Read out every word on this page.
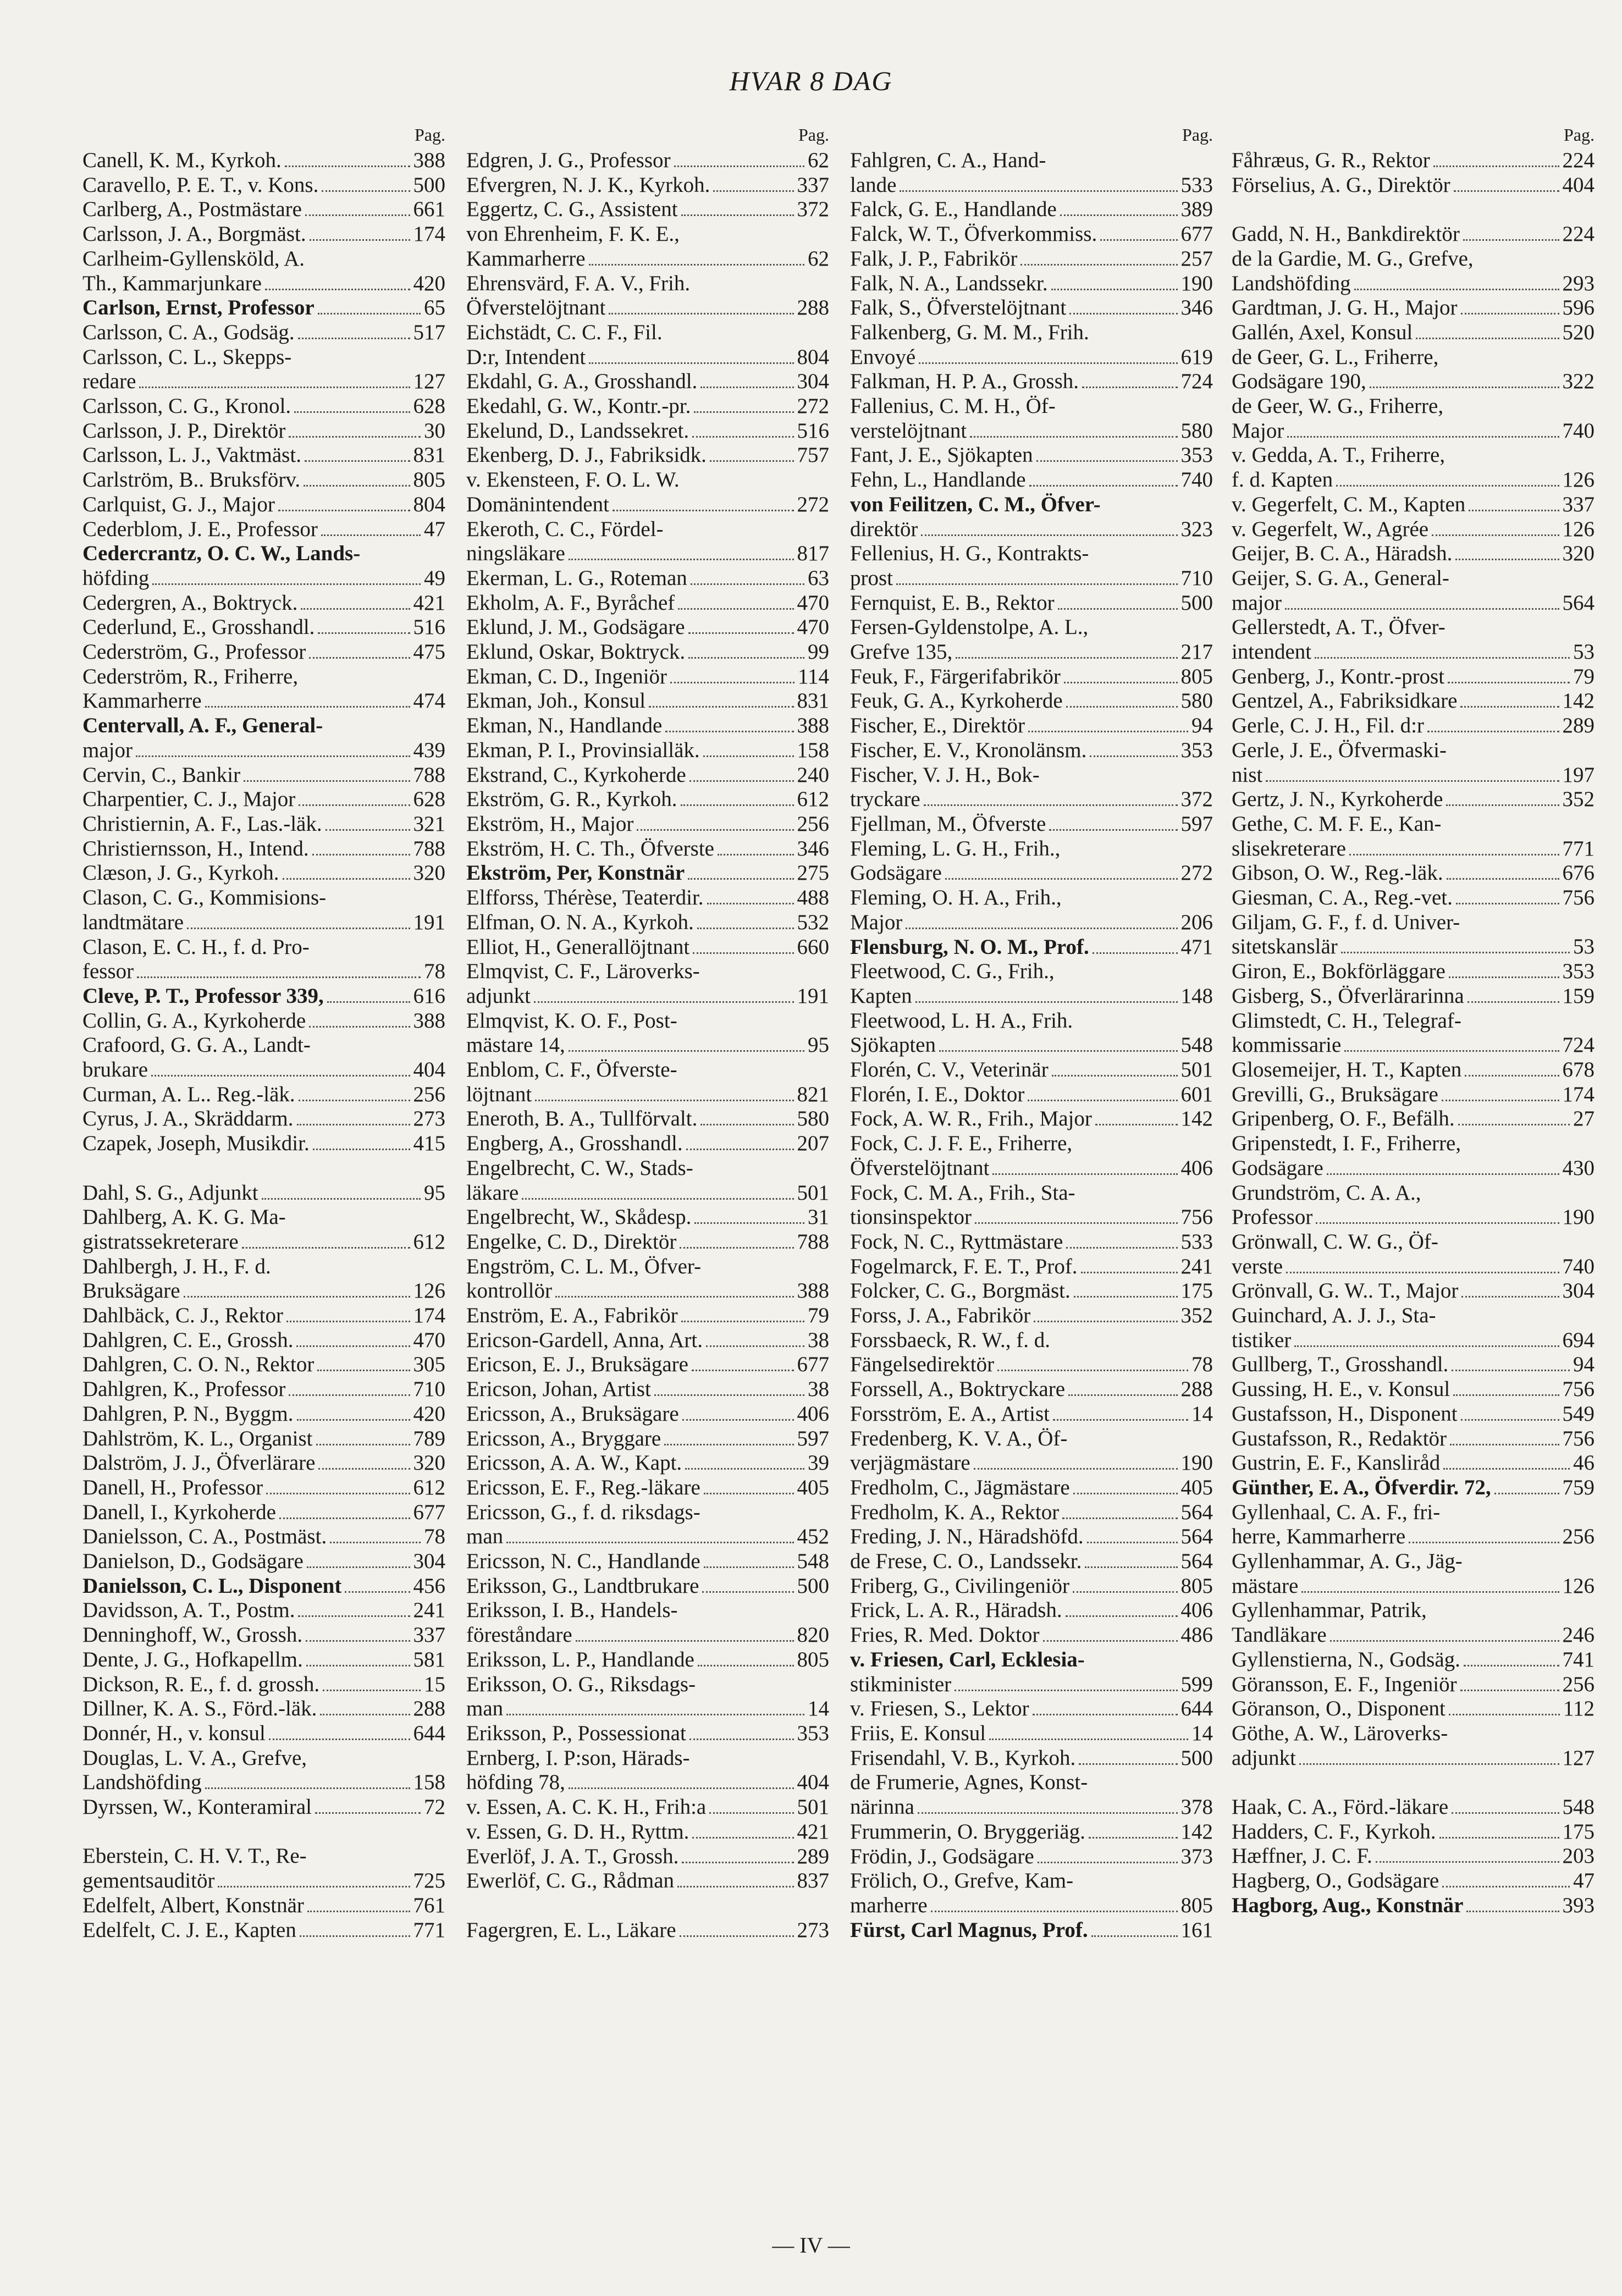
HVAR 8 DAG
Pag.
Canell, K. M., Kyrkoh.	388
Caravello, P. E. T., v. Kons.	500
Carlberg, A., Postmästare	661
Carlsson, J. A., Borgmäst.	174
Carlheim-Gyllensköld, A.
Th., Kammarjunkare	420
Carlson, Ernst, Professor	65
Carlsson, C. A., Godsäg.	517
Carlsson, C. L., Skepps-
redare	127
Carlsson, C. G., Kronol.	628
Carlsson, J. P., Direktör	30
Carlsson, L. J., Vaktmäst.	831
Carlström, B.. Bruksförv.	805
Carlquist, G. J., Major	804
Cederblom, J. E., Professor	47
Cedercrantz, O. C. W., Lands-
höfding	49
Cedergren, A., Boktryck.	421
Cederlund, E., Grosshandl.	516
Cederström, G., Professor	475
Cederström, R., Friherre,
Kammarherre	474
Centervall, A. F., General-
major	439
Cervin, C., Bankir	788
Charpentier, C. J., Major	628
Christiernin, A. F., Las.-läk.	321
Christiernsson, H., Intend.	788
Clæson, J. G., Kyrkoh.	320
Clason, C. G., Kommisions-
landtmätare	191
Clason, E. C. H., f. d. Pro-
fessor	78
Cleve, P. T., Professor 339,	616
Collin, G. A., Kyrkoherde	388
Crafoord, G. G. A., Landt-
brukare	404
Curman, A. L.. Reg.-läk.	256
Cyrus, J. A., Skräddarm.	273
Czapek, Joseph, Musikdir.	415
Dahl, S. G., Adjunkt	95
Dahlberg, A. K. G. Ma-
gistratssekreterare	612
Dahlbergh, J. H., F. d.
Bruksägare	126
Dahlbäck, C. J., Rektor	174
Dahlgren, C. E., Grossh.	470
Dahlgren, C. O. N., Rektor	305
Dahlgren, K., Professor	710
Dahlgren, P. N., Byggm.	420
Dahlström, K. L., Organist	789
Dalström, J. J., Öfverlärare	320
Danell, H., Professor	612
Danell, I., Kyrkoherde	677
Danielsson, C. A., Postmäst.	78
Danielson, D., Godsägare	304
Danielsson, C. L., Disponent	456
Davidsson, A. T., Postm.	241
Denninghoff, W., Grossh.	337
Dente, J. G., Hofkapellm.	581
Dickson, R. E., f. d. grossh.	15
Dillner, K. A. S., Förd.-läk.	288
Donnér, H., v. konsul	644
Douglas, L. V. A., Grefve,
Landshöfding	158
Dyrssen, W., Konteramiral	72
Eberstein, C. H. V. T., Re-
gementsauditör	725
Edelfelt, Albert, Konstnär	761
Edelfelt, C. J. E., Kapten	771
Pag.
Edgren, J. G., Professor	62
Efvergren, N. J. K., Kyrkoh.	337
Eggertz, C. G., Assistent	372
von Ehrenheim, F. K. E.,
Kammarherre	62
Ehrensvärd, F. A. V., Frih.
Öfverstelöjtnant	288
Eichstädt, C. C. F., Fil.
D:r, Intendent	804
Ekdahl, G. A., Grosshandl.	304
Ekedahl, G. W., Kontr.-pr.	272
Ekelund, D., Landssekret.	516
Ekenberg, D. J., Fabriksidk.	757
v. Ekensteen, F. O. L. W.
Domänintendent	272
Ekeroth, C. C., Fördel-
ningsläkare	817
Ekerman, L. G., Roteman	63
Ekholm, A. F., Byråchef	470
Eklund, J. M., Godsägare	470
Eklund, Oskar, Boktryck.	99
Ekman, C. D., Ingeniör	114
Ekman, Joh., Konsul	831
Ekman, N., Handlande	388
Ekman, P. I., Provinsialläk.	158
Ekstrand, C., Kyrkoherde	240
Ekström, G. R., Kyrkoh.	612
Ekström, H., Major	256
Ekström, H. C. Th., Öfverste	346
Ekström, Per, Konstnär	275
Elfforss, Thérèse, Teaterdir.	488
Elfman, O. N. A., Kyrkoh.	532
Elliot, H., Generallöjtnant	660
Elmqvist, C. F., Läroverks-
adjunkt	191
Elmqvist, K. O. F., Post-
mästare 14,	95
Enblom, C. F., Öfverste-
löjtnant	821
Eneroth, B. A., Tullförvalt.	580
Engberg, A., Grosshandl.	207
Engelbrecht, C. W., Stads-
läkare	501
Engelbrecht, W., Skådesp.	31
Engelke, C. D., Direktör	788
Engström, C. L. M., Öfver-
kontrollör	388
Enström, E. A., Fabrikör	79
Ericson-Gardell, Anna, Art.	38
Ericson, E. J., Bruksägare	677
Ericson, Johan, Artist	38
Ericsson, A., Bruksägare	406
Ericsson, A., Bryggare	597
Ericsson, A. A. W., Kapt.	39
Ericsson, E. F., Reg.-läkare	405
Ericsson, G., f. d. riksdags-
man	452
Ericsson, N. C., Handlande	548
Eriksson, G., Landtbrukare	500
Eriksson, I. B., Handels-
föreståndare	820
Eriksson, L. P., Handlande	805
Eriksson, O. G., Riksdags-
man	14
Eriksson, P., Possessionat	353
Ernberg, I. P:son, Härads-
höfding 78,	404
v. Essen, A. C. K. H., Frih:a	501
v. Essen, G. D. H., Ryttm.	421
Everlöf, J. A. T., Grossh.	289
Ewerlöf, C. G., Rådman	837
Fagergren, E. L., Läkare	273
Pag.
Fahlgren, C. A., Hand-
lande	533
Falck, G. E., Handlande	389
Falck, W. T., Öfverkommiss.	677
Falk, J. P., Fabrikör	257
Falk, N. A., Landssekr.	190
Falk, S., Öfverstelöjtnant	346
Falkenberg, G. M. M., Frih.
Envoyé	619
Falkman, H. P. A., Grossh.	724
Fallenius, C. M. H., Öf-
verstelöjtnant	580
Fant, J. E., Sjökapten	353
Fehn, L., Handlande	740
von Feilitzen, C. M., Öfver-
direktör	323
Fellenius, H. G., Kontrakts-
prost	710
Fernquist, E. B., Rektor	500
Fersen-Gyldenstolpe, A. L.,
Grefve 135,	217
Feuk, F., Färgerifabrikör	805
Feuk, G. A., Kyrkoherde	580
Fischer, E., Direktör	94
Fischer, E. V., Kronolänsm.	353
Fischer, V. J. H., Bok-
tryckare	372
Fjellman, M., Öfverste	597
Fleming, L. G. H., Frih.,
Godsägare	272
Fleming, O. H. A., Frih.,
Major	206
Flensburg, N. O. M., Prof.	471
Fleetwood, C. G., Frih.,
Kapten	148
Fleetwood, L. H. A., Frih.
Sjökapten	548
Florén, C. V., Veterinär	501
Florén, I. E., Doktor	601
Fock, A. W. R., Frih., Major	142
Fock, C. J. F. E., Friherre,
Öfverstelöjtnant	406
Fock, C. M. A., Frih., Sta-
tionsinspektor	756
Fock, N. C., Ryttmästare	533
Fogelmarck, F. E. T., Prof.	241
Folcker, C. G., Borgmäst.	175
Forss, J. A., Fabrikör	352
Forssbaeck, R. W., f. d.
Fängelsedirektör	78
Forssell, A., Boktryckare	288
Forsström, E. A., Artist	14
Fredenberg, K. V. A., Öf-
verjägmästare	190
Fredholm, C., Jägmästare	405
Fredholm, K. A., Rektor	564
Freding, J. N., Häradshöfd.	564
de Frese, C. O., Landssekr.	564
Friberg, G., Civilingeniör	805
Frick, L. A. R., Häradsh.	406
Fries, R. Med. Doktor	486
v. Friesen, Carl, Ecklesia-
stikminister	599
v. Friesen, S., Lektor	644
Friis, E. Konsul	14
Frisendahl, V. B., Kyrkoh.	500
de Frumerie, Agnes, Konst-
närinna	378
Frummerin, O. Bryggeriäg.	142
Frödin, J., Godsägare	373
Frölich, O., Grefve, Kam-
marherre	805
Fürst, Carl Magnus, Prof.	161
Pag.
Fåhræus, G. R., Rektor	224
Förselius, A. G., Direktör	404
Gadd, N. H., Bankdirektör	224
de la Gardie, M. G., Grefve,
Landshöfding	293
Gardtman, J. G. H., Major	596
Gallén, Axel, Konsul	520
de Geer, G. L., Friherre,
Godsägare 190,	322
de Geer, W. G., Friherre,
Major	740
v. Gedda, A. T., Friherre,
f. d. Kapten	126
v. Gegerfelt, C. M., Kapten	337
v. Gegerfelt, W., Agrée	126
Geijer, B. C. A., Häradsh.	320
Geijer, S. G. A., General-
major	564
Gellerstedt, A. T., Öfver-
intendent	53
Genberg, J., Kontr.-prost	79
Gentzel, A., Fabriksidkare	142
Gerle, C. J. H., Fil. d:r	289
Gerle, J. E., Öfvermaski-
nist	197
Gertz, J. N., Kyrkoherde	352
Gethe, C. M. F. E., Kan-
slisekreterare	771
Gibson, O. W., Reg.-läk.	676
Giesman, C. A., Reg.-vet.	756
Giljam, G. F., f. d. Univer-
sitetskanslär	53
Giron, E., Bokförläggare	353
Gisberg, S., Öfverlärarinna	159
Glimstedt, C. H., Telegraf-
kommissarie	724
Glosemeijer, H. T., Kapten	678
Grevilli, G., Bruksägare	174
Gripenberg, O. F., Befälh.	27
Gripenstedt, I. F., Friherre,
Godsägare	430
Grundström, C. A. A.,
Professor	190
Grönwall, C. W. G., Öf-
verste	740
Grönvall, G. W.. T., Major	304
Guinchard, A. J. J., Sta-
tistiker	694
Gullberg, T., Grosshandl.	94
Gussing, H. E., v. Konsul	756
Gustafsson, H., Disponent	549
Gustafsson, R., Redaktör	756
Gustrin, E. F., Kansliråd	46
Günther, E. A., Öfverdir. 72,	759
Gyllenhaal, C. A. F., fri-
herre, Kammarherre	256
Gyllenhammar, A. G., Jäg-
mästare	126
Gyllenhammar, Patrik,
Tandläkare	246
Gyllenstierna, N., Godsäg.	741
Göransson, E. F., Ingeniör	256
Göranson, O., Disponent	112
Göthe, A. W., Läroverks-
adjunkt	127
Haak, C. A., Förd.-läkare	548
Hadders, C. F., Kyrkoh.	175
Hæffner, J. C. F.	203
Hagberg, O., Godsägare	47
Hagborg, Aug., Konstnär	393
— IV —
